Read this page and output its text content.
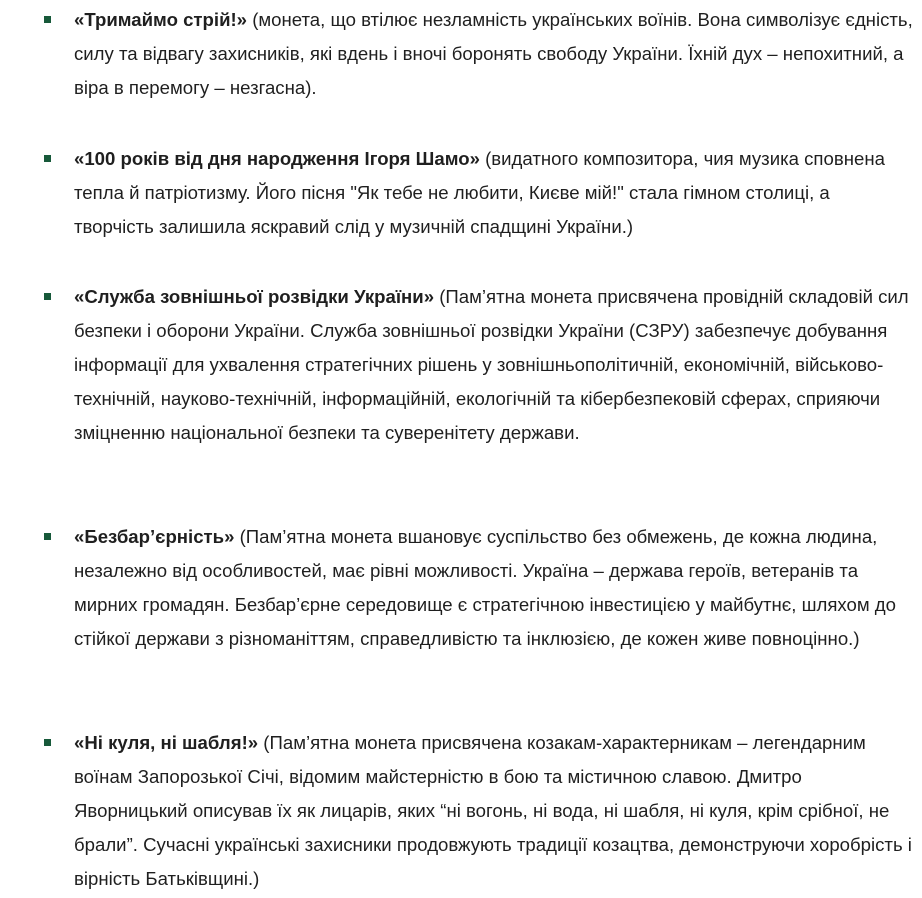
«Тримаймо стрій!» (монета, що втілює незламність українських воїнів. Вона символізує єдність, силу та відвагу захисників, які вдень і вночі боронять свободу України. Їхній дух – непохитний, а віра в перемогу – незгасна).
«100 років від дня народження Ігоря Шамо» (видатного композитора, чия музика сповнена тепла й патріотизму. Його пісня "Як тебе не любити, Києве мій!" стала гімном столиці, а творчість залишила яскравий слід у музичній спадщині України.)
«Служба зовнішньої розвідки України» (Пам’ятна монета присвячена провідній складовій сил безпеки і оборони України. Служба зовнішньої розвідки України (СЗРУ) забезпечує добування інформації для ухвалення стратегічних рішень у зовнішньополітичній, економічній, військово-технічній, науково-технічній, інформаційній, екологічній та кібербезпековій сферах, сприяючи зміцненню національної безпеки та суверенітету держави.
«Безбар’єрність» (Пам’ятна монета вшановує суспільство без обмежень, де кожна людина, незалежно від особливостей, має рівні можливості. Україна – держава героїв, ветеранів та мирних громадян. Безбар’єрне середовище є стратегічною інвестицією у майбутнє, шляхом до стійкої держави з різноманіттям, справедливістю та інклюзією, де кожен живе повноцінно.)
«Ні куля, ні шабля!» (Пам’ятна монета присвячена козакам-характерникам – легендарним воїнам Запорозької Січі, відомим майстерністю в бою та містичною славою. Дмитро Яворницький описував їх як лицарів, яких “ні вогонь, ні вода, ні шабля, ні куля, крім срібної, не брали”. Сучасні українські захисники продовжують традиції козацтва, демонструючи хоробрість і вірність Батьківщині.)
